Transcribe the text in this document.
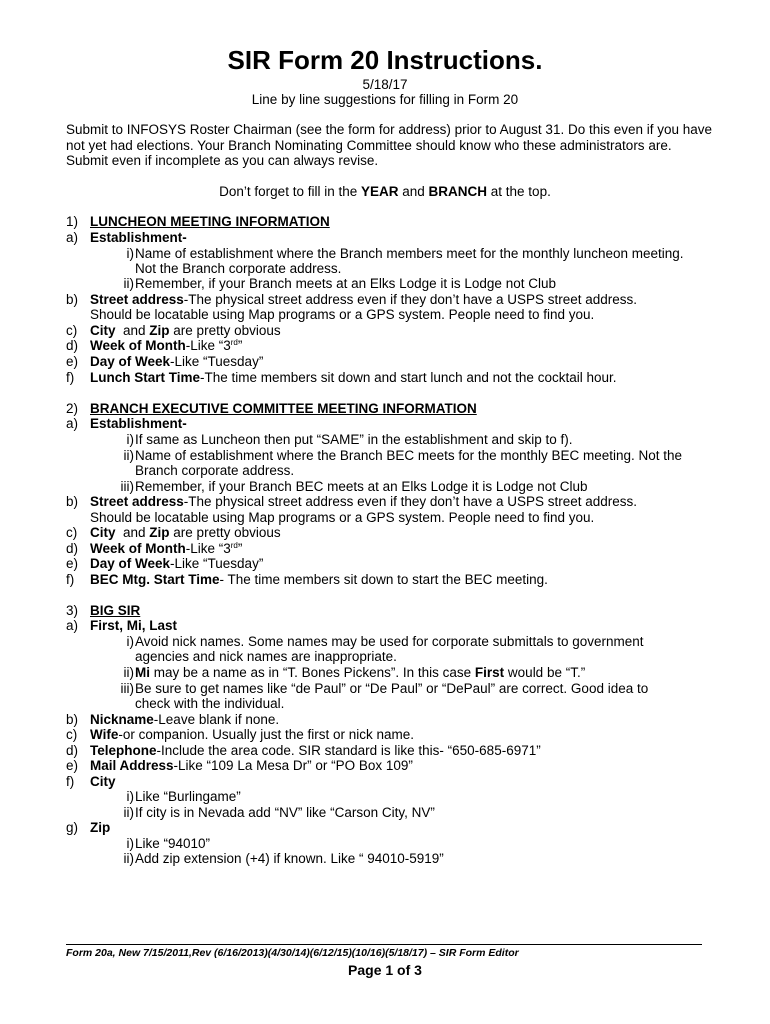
SIR Form 20 Instructions.
5/18/17
Line by line suggestions for filling in Form 20
Submit to INFOSYS Roster Chairman (see the form for address) prior to August 31. Do this even if you have not yet had elections. Your Branch Nominating Committee should know who these administrators are. Submit even if incomplete as you can always revise.
Don’t forget to fill in the YEAR and BRANCH at the top.
1) LUNCHEON MEETING INFORMATION
a) Establishment-
i) Name of establishment where the Branch members meet for the monthly luncheon meeting.
Not the Branch corporate address.
ii) Remember, if your Branch meets at an Elks Lodge it is Lodge not Club
b) Street address-The physical street address even if they don’t have a USPS street address.
Should be locatable using Map programs or a GPS system. People need to find you.
c) City  and Zip are pretty obvious
d) Week of Month-Like “3rd”
e) Day of Week-Like “Tuesday”
f)	Lunch Start Time-The time members sit down and start lunch and not the cocktail hour.
2) BRANCH EXECUTIVE COMMITTEE MEETING INFORMATION
a) Establishment-
i) If same as Luncheon then put “SAME” in the establishment and skip to f).
ii) Name of establishment where the Branch BEC meets for the monthly BEC meeting. Not the
Branch corporate address.
iii) Remember, if your Branch BEC meets at an Elks Lodge it is Lodge not Club
b) Street address-The physical street address even if they don’t have a USPS street address.
Should be locatable using Map programs or a GPS system. People need to find you.
c) City  and Zip are pretty obvious
d) Week of Month-Like “3rd”
e) Day of Week-Like “Tuesday”
f)	BEC Mtg. Start Time- The time members sit down to start the BEC meeting.
3) BIG SIR
a) First, Mi, Last
i) Avoid nick names. Some names may be used for corporate submittals to government
agencies and nick names are inappropriate.
ii) Mi may be a name as in “T. Bones Pickens”. In this case First would be “T.”
iii) Be sure to get names like “de Paul” or “De Paul” or “DePaul” are correct. Good idea to
check with the individual.
b) Nickname-Leave blank if none.
c) Wife-or companion. Usually just the first or nick name.
d) Telephone-Include the area code. SIR standard is like this- “650-685-6971”
e) Mail Address-Like “109 La Mesa Dr” or “PO Box 109”
f)	City
i) Like “Burlingame”
ii) If city is in Nevada add “NV” like “Carson City, NV”
g) Zip
i) Like “94010”
ii) Add zip extension (+4) if known. Like “ 94010-5919”
Form 20a, New 7/15/2011,Rev (6/16/2013)(4/30/14)(6/12/15)(10/16)(5/18/17) – SIR Form Editor
Page 1 of 3
